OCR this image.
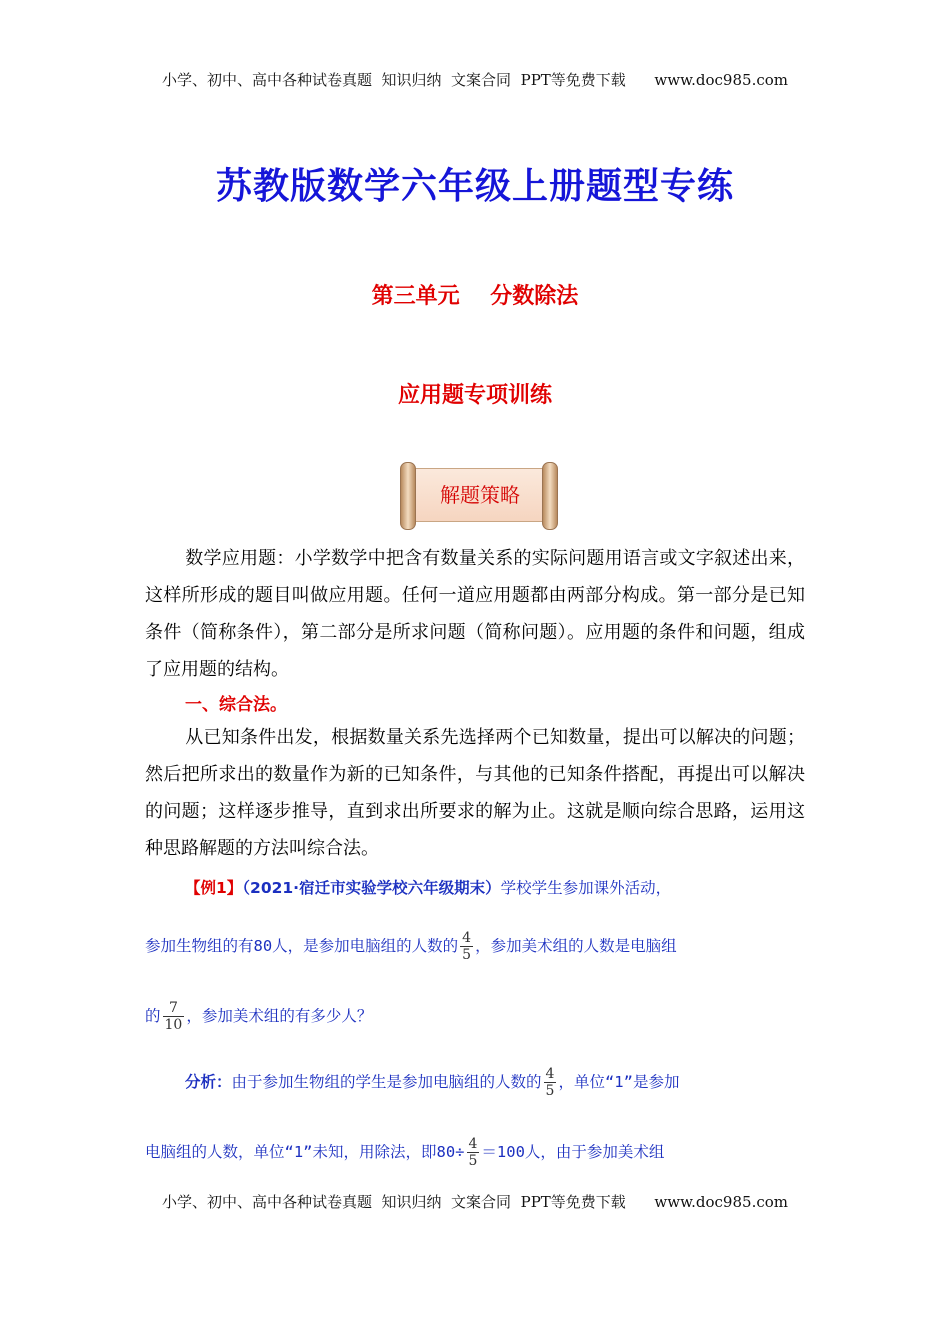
小学、初中、高中各种试卷真题  知识归纳  文案合同  PPT等免费下载      www.doc985.com
苏教版数学六年级上册题型专练
第三单元    分数除法
应用题专项训练
解题策略
数学应用题：小学数学中把含有数量关系的实际问题用语言或文字叙述出来，这样所形成的题目叫做应用题。任何一道应用题都由两部分构成。第一部分是已知条件（简称条件），第二部分是所求问题（简称问题）。应用题的条件和问题，组成了应用题的结构。
一、综合法。
从已知条件出发，根据数量关系先选择两个已知数量，提出可以解决的问题；然后把所求出的数量作为新的已知条件，与其他的已知条件搭配，再提出可以解决的问题；这样逐步推导，直到求出所要求的解为止。这就是顺向综合思路，运用这种思路解题的方法叫综合法。
【例1】（2021·宿迁市实验学校六年级期末）学校学生参加课外活动，
参加生物组的有80人，是参加电脑组的人数的 $\frac{4}{5}$ ，参加美术组的人数是电脑组
的 $\frac{7}{10}$ ，参加美术组的有多少人？
分析：由于参加生物组的学生是参加电脑组的人数的 $\frac{4}{5}$ ，单位“1”是参加
电脑组的人数，单位“1”未知，用除法，即$80\div \frac{4}{5} =100$人，由于参加美术组
小学、初中、高中各种试卷真题  知识归纳  文案合同  PPT等免费下载      www.doc985.com
